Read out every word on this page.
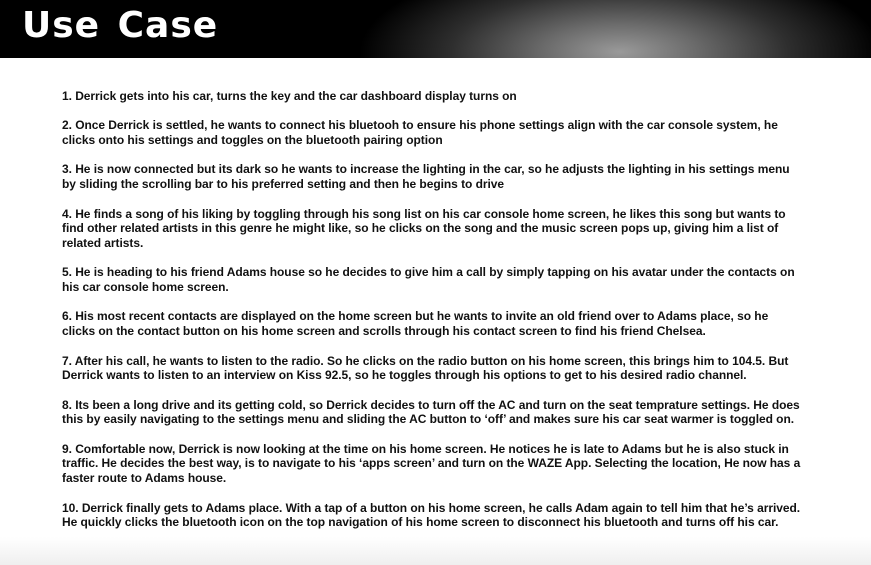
Use Case
1. Derrick gets into his car, turns the key and the car dashboard display turns on
2. Once Derrick is settled, he wants to connect his bluetooh to ensure his phone settings align with the car console system, he clicks onto his settings and toggles on the bluetooth pairing option
3. He is now connected but its dark so he wants to increase the lighting in the car, so he adjusts the lighting in his settings menu by sliding the scrolling bar to his preferred setting and then he begins to drive
4. He finds a song of his liking by toggling through his song list on his car console home screen, he likes this song but wants to find other related artists in this genre he might like, so he clicks on the song and the music screen pops up, giving him a list of related artists.
5. He is heading to his friend Adams house so he decides to give him a call by simply tapping on his avatar under the contacts on his car console home screen.
6. His most recent contacts are displayed on the home screen but he wants to invite an old friend over to Adams place, so he clicks on the contact button on his home screen and scrolls through his contact screen to find his friend Chelsea.
7. After his call, he wants to listen to the radio. So he clicks on the radio button on his home screen, this brings him to 104.5. But Derrick wants to listen to an interview on Kiss 92.5, so he toggles through his options to get to his desired radio channel.
8. Its been a long drive and its getting cold, so Derrick decides to turn off the AC and turn on the seat temprature settings. He does this by easily navigating to the settings menu and sliding the AC button to ‘off’ and makes sure his car seat warmer is toggled on.
9. Comfortable now, Derrick is now looking at the time on his home screen. He notices he is late to Adams but he is also stuck in traffic. He decides the best way, is to navigate to his ‘apps screen’ and turn on the WAZE App. Selecting the location, He now has a faster route to Adams house.
10. Derrick finally gets to Adams place. With a tap of a button on his home screen, he calls Adam again to tell him that he’s arrived. He quickly clicks the bluetooth icon on the top navigation of his home screen to disconnect his bluetooth and turns off his car.
